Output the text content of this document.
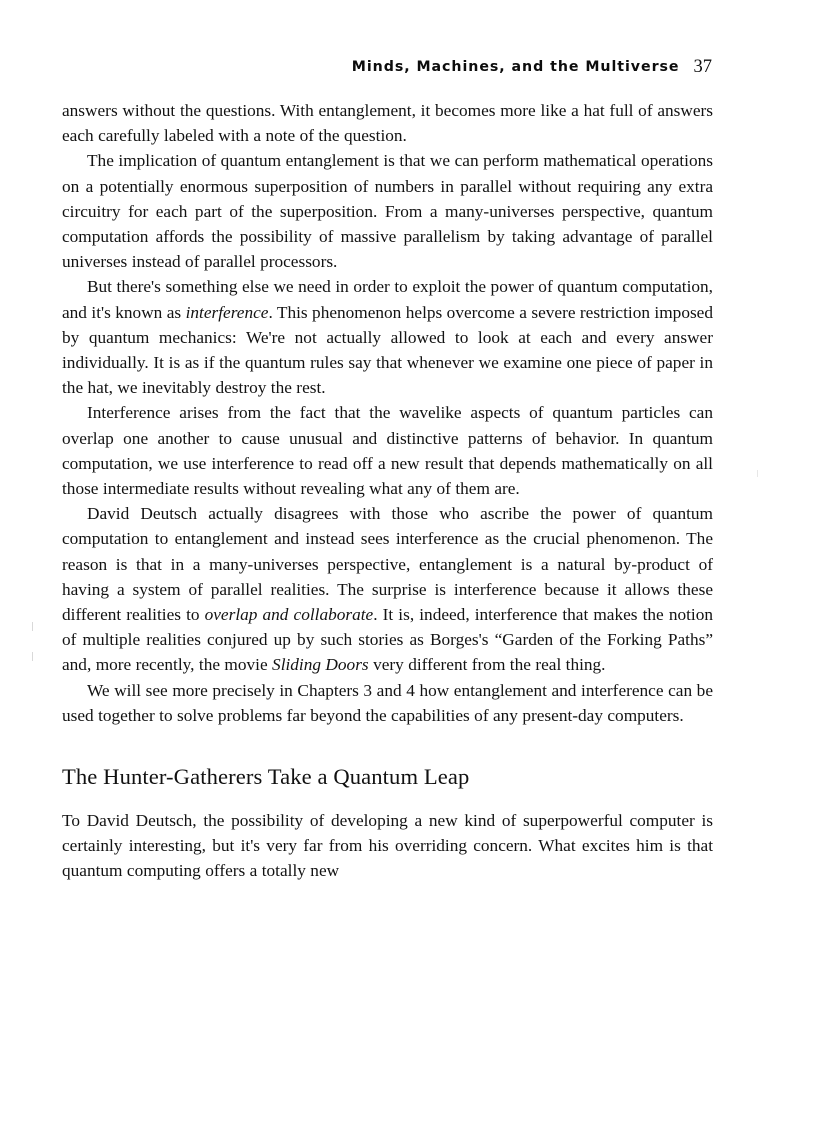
Minds, Machines, and the Multiverse 37

answers without the questions. With entanglement, it becomes more like a hat full of answers each carefully labeled with a note of the question.

The implication of quantum entanglement is that we can perform mathematical operations on a potentially enormous superposition of numbers in parallel without requiring any extra circuitry for each part of the superposition. From a many-universes perspective, quantum computation affords the possibility of massive parallelism by taking advantage of parallel universes instead of parallel processors.

But there's something else we need in order to exploit the power of quantum computation, and it's known as interference. This phenomenon helps overcome a severe restriction imposed by quantum mechanics: We're not actually allowed to look at each and every answer individually. It is as if the quantum rules say that whenever we examine one piece of paper in the hat, we inevitably destroy the rest.

Interference arises from the fact that the wavelike aspects of quantum particles can overlap one another to cause unusual and distinctive patterns of behavior. In quantum computation, we use interference to read off a new result that depends mathematically on all those intermediate results without revealing what any of them are.

David Deutsch actually disagrees with those who ascribe the power of quantum computation to entanglement and instead sees interference as the crucial phenomenon. The reason is that in a many-universes perspective, entanglement is a natural by-product of having a system of parallel realities. The surprise is interference because it allows these different realities to overlap and collaborate. It is, indeed, interference that makes the notion of multiple realities conjured up by such stories as Borges's “Garden of the Forking Paths” and, more recently, the movie Sliding Doors very different from the real thing.

We will see more precisely in Chapters 3 and 4 how entanglement and interference can be used together to solve problems far beyond the capabilities of any present-day computers.

The Hunter-Gatherers Take a Quantum Leap

To David Deutsch, the possibility of developing a new kind of superpowerful computer is certainly interesting, but it's very far from his overriding concern. What excites him is that quantum computing offers a totally new
